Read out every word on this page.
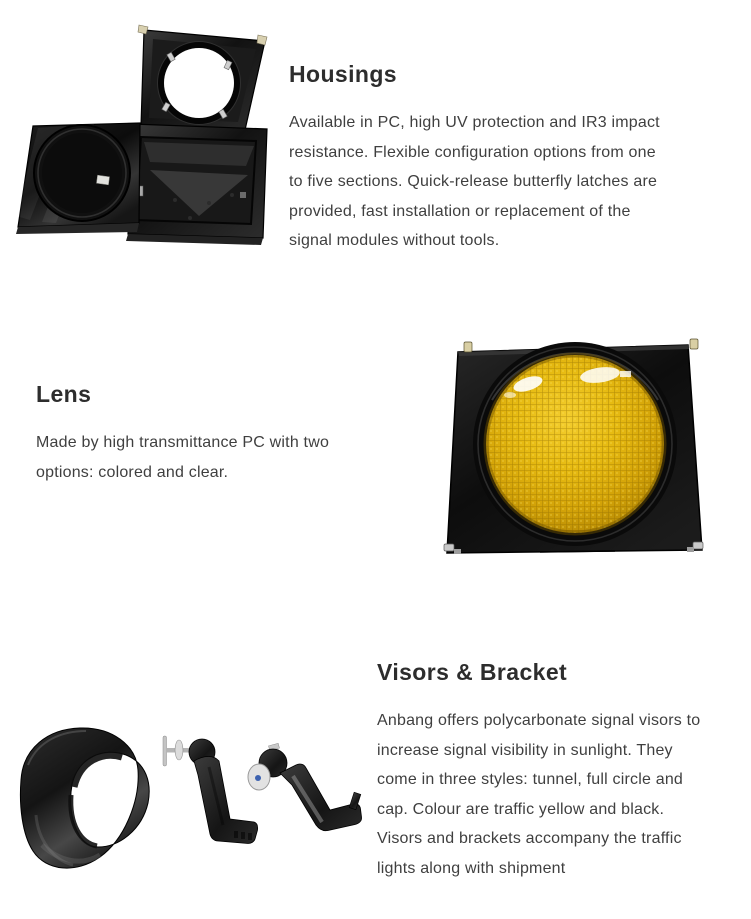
Housings
Available in PC, high UV protection and IR3 impact
resistance. Flexible configuration options from one
to five sections. Quick-release butterfly latches are
provided, fast installation or replacement of the
signal modules without tools.
Lens
Made by high transmittance PC with two
options: colored and clear.
Visors & Bracket
Anbang offers polycarbonate signal visors to
increase signal visibility in sunlight. They
come in three styles: tunnel, full circle and
cap. Colour are traffic yellow and black.
Visors and brackets accompany the traffic
lights along with shipment
